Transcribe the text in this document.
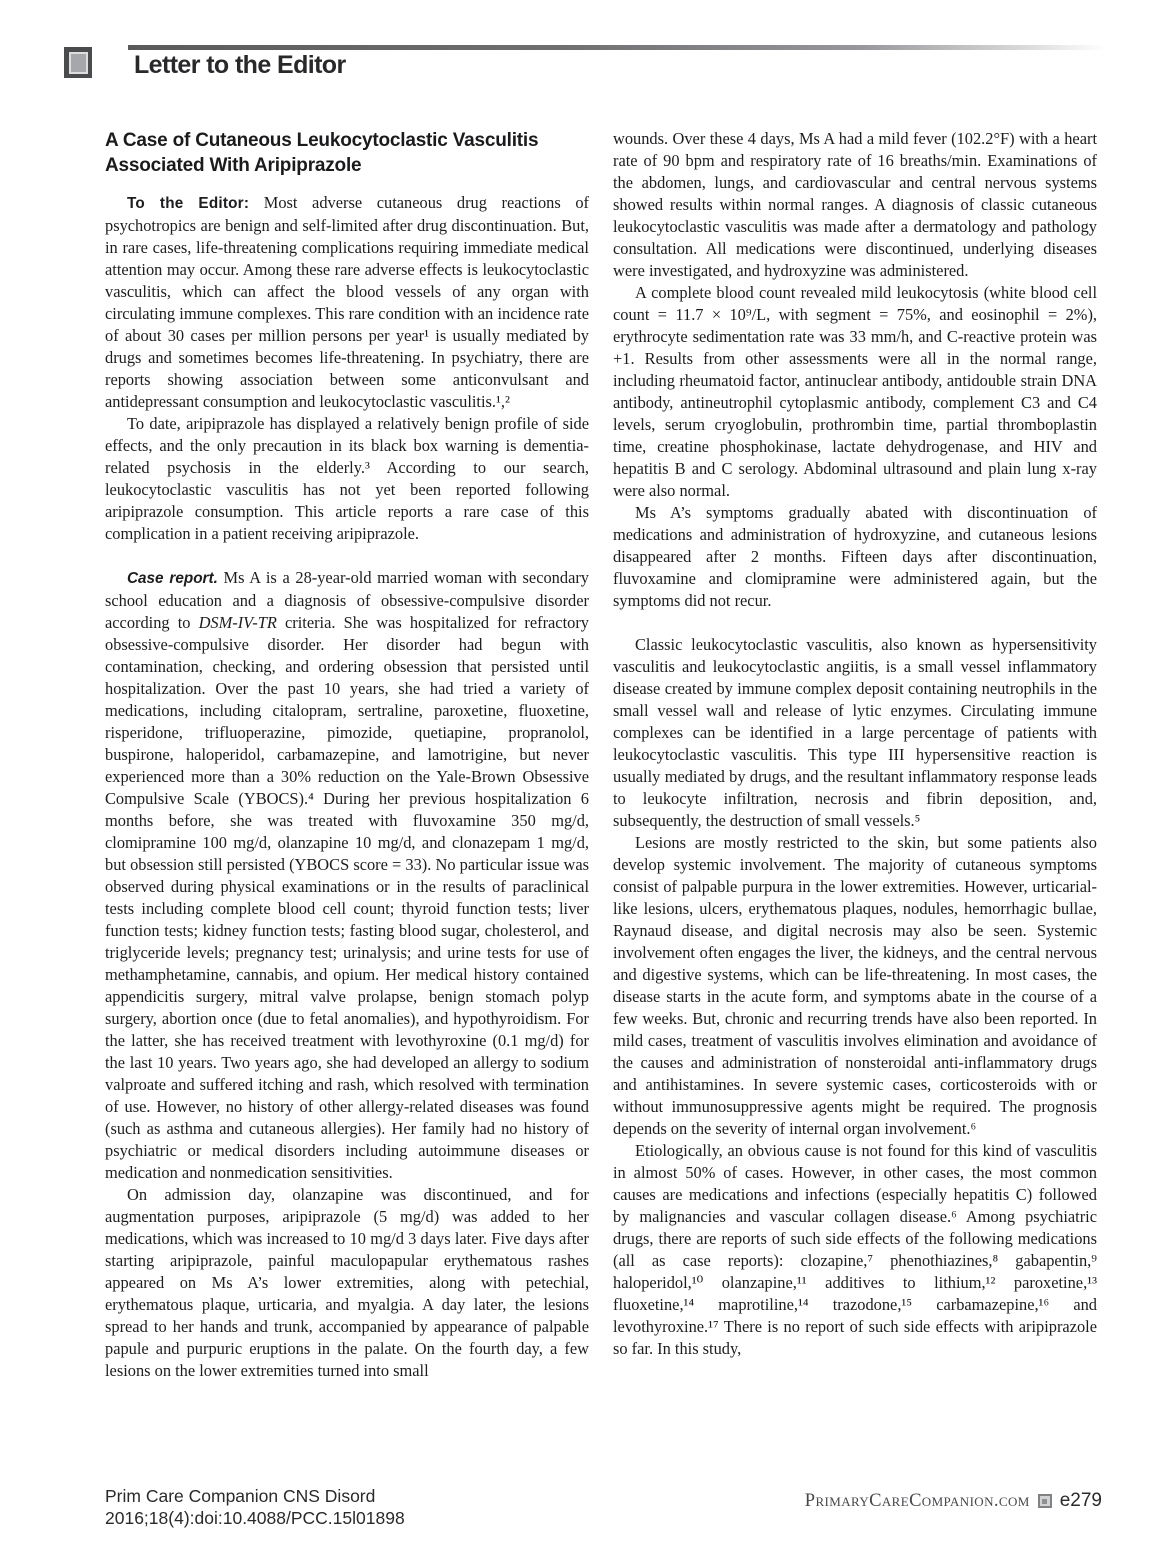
Letter to the Editor
A Case of Cutaneous Leukocytoclastic Vasculitis Associated With Aripiprazole

To the Editor: Most adverse cutaneous drug reactions of psychotropics are benign and self-limited after drug discontinuation. But, in rare cases, life-threatening complications requiring immediate medical attention may occur. Among these rare adverse effects is leukocytoclastic vasculitis, which can affect the blood vessels of any organ with circulating immune complexes. This rare condition with an incidence rate of about 30 cases per million persons per year¹ is usually mediated by drugs and sometimes becomes life-threatening. In psychiatry, there are reports showing association between some anticonvulsant and antidepressant consumption and leukocytoclastic vasculitis.¹,²

To date, aripiprazole has displayed a relatively benign profile of side effects, and the only precaution in its black box warning is dementia-related psychosis in the elderly.³ According to our search, leukocytoclastic vasculitis has not yet been reported following aripiprazole consumption. This article reports a rare case of this complication in a patient receiving aripiprazole.

Case report. Ms A is a 28-year-old married woman with secondary school education and a diagnosis of obsessive-compulsive disorder according to DSM-IV-TR criteria. She was hospitalized for refractory obsessive-compulsive disorder. Her disorder had begun with contamination, checking, and ordering obsession that persisted until hospitalization. Over the past 10 years, she had tried a variety of medications, including citalopram, sertraline, paroxetine, fluoxetine, risperidone, trifluoperazine, pimozide, quetiapine, propranolol, buspirone, haloperidol, carbamazepine, and lamotrigine, but never experienced more than a 30% reduction on the Yale-Brown Obsessive Compulsive Scale (YBOCS).⁴ During her previous hospitalization 6 months before, she was treated with fluvoxamine 350 mg/d, clomipramine 100 mg/d, olanzapine 10 mg/d, and clonazepam 1 mg/d, but obsession still persisted (YBOCS score = 33). No particular issue was observed during physical examinations or in the results of paraclinical tests including complete blood cell count; thyroid function tests; liver function tests; kidney function tests; fasting blood sugar, cholesterol, and triglyceride levels; pregnancy test; urinalysis; and urine tests for use of methamphetamine, cannabis, and opium. Her medical history contained appendicitis surgery, mitral valve prolapse, benign stomach polyp surgery, abortion once (due to fetal anomalies), and hypothyroidism. For the latter, she has received treatment with levothyroxine (0.1 mg/d) for the last 10 years. Two years ago, she had developed an allergy to sodium valproate and suffered itching and rash, which resolved with termination of use. However, no history of other allergy-related diseases was found (such as asthma and cutaneous allergies). Her family had no history of psychiatric or medical disorders including autoimmune diseases or medication and nonmedication sensitivities.

On admission day, olanzapine was discontinued, and for augmentation purposes, aripiprazole (5 mg/d) was added to her medications, which was increased to 10 mg/d 3 days later. Five days after starting aripiprazole, painful maculopapular erythematous rashes appeared on Ms A’s lower extremities, along with petechial, erythematous plaque, urticaria, and myalgia. A day later, the lesions spread to her hands and trunk, accompanied by appearance of palpable papule and purpuric eruptions in the palate. On the fourth day, a few lesions on the lower extremities turned into small

wounds. Over these 4 days, Ms A had a mild fever (102.2°F) with a heart rate of 90 bpm and respiratory rate of 16 breaths/min. Examinations of the abdomen, lungs, and cardiovascular and central nervous systems showed results within normal ranges. A diagnosis of classic cutaneous leukocytoclastic vasculitis was made after a dermatology and pathology consultation. All medications were discontinued, underlying diseases were investigated, and hydroxyzine was administered.

A complete blood count revealed mild leukocytosis (white blood cell count = 11.7 × 10⁹/L, with segment = 75%, and eosinophil = 2%), erythrocyte sedimentation rate was 33 mm/h, and C-reactive protein was +1. Results from other assessments were all in the normal range, including rheumatoid factor, antinuclear antibody, antidouble strain DNA antibody, antineutrophil cytoplasmic antibody, complement C3 and C4 levels, serum cryoglobulin, prothrombin time, partial thromboplastin time, creatine phosphokinase, lactate dehydrogenase, and HIV and hepatitis B and C serology. Abdominal ultrasound and plain lung x-ray were also normal.

Ms A’s symptoms gradually abated with discontinuation of medications and administration of hydroxyzine, and cutaneous lesions disappeared after 2 months. Fifteen days after discontinuation, fluvoxamine and clomipramine were administered again, but the symptoms did not recur.

Classic leukocytoclastic vasculitis, also known as hypersensitivity vasculitis and leukocytoclastic angiitis, is a small vessel inflammatory disease created by immune complex deposit containing neutrophils in the small vessel wall and release of lytic enzymes. Circulating immune complexes can be identified in a large percentage of patients with leukocytoclastic vasculitis. This type III hypersensitive reaction is usually mediated by drugs, and the resultant inflammatory response leads to leukocyte infiltration, necrosis and fibrin deposition, and, subsequently, the destruction of small vessels.⁵

Lesions are mostly restricted to the skin, but some patients also develop systemic involvement. The majority of cutaneous symptoms consist of palpable purpura in the lower extremities. However, urticarial-like lesions, ulcers, erythematous plaques, nodules, hemorrhagic bullae, Raynaud disease, and digital necrosis may also be seen. Systemic involvement often engages the liver, the kidneys, and the central nervous and digestive systems, which can be life-threatening. In most cases, the disease starts in the acute form, and symptoms abate in the course of a few weeks. But, chronic and recurring trends have also been reported. In mild cases, treatment of vasculitis involves elimination and avoidance of the causes and administration of nonsteroidal anti-inflammatory drugs and antihistamines. In severe systemic cases, corticosteroids with or without immunosuppressive agents might be required. The prognosis depends on the severity of internal organ involvement.⁶

Etiologically, an obvious cause is not found for this kind of vasculitis in almost 50% of cases. However, in other cases, the most common causes are medications and infections (especially hepatitis C) followed by malignancies and vascular collagen disease.⁶ Among psychiatric drugs, there are reports of such side effects of the following medications (all as case reports): clozapine,⁷ phenothiazines,⁸ gabapentin,⁹ haloperidol,¹⁰ olanzapine,¹¹ additives to lithium,¹² paroxetine,¹³ fluoxetine,¹⁴ maprotiline,¹⁴ trazodone,¹⁵ carbamazepine,¹⁶ and levothyroxine.¹⁷ There is no report of such side effects with aripiprazole so far. In this study,

Prim Care Companion CNS Disord
2016;18(4):doi:10.4088/PCC.15l01898
PrimaryCareCompanion.com e279
